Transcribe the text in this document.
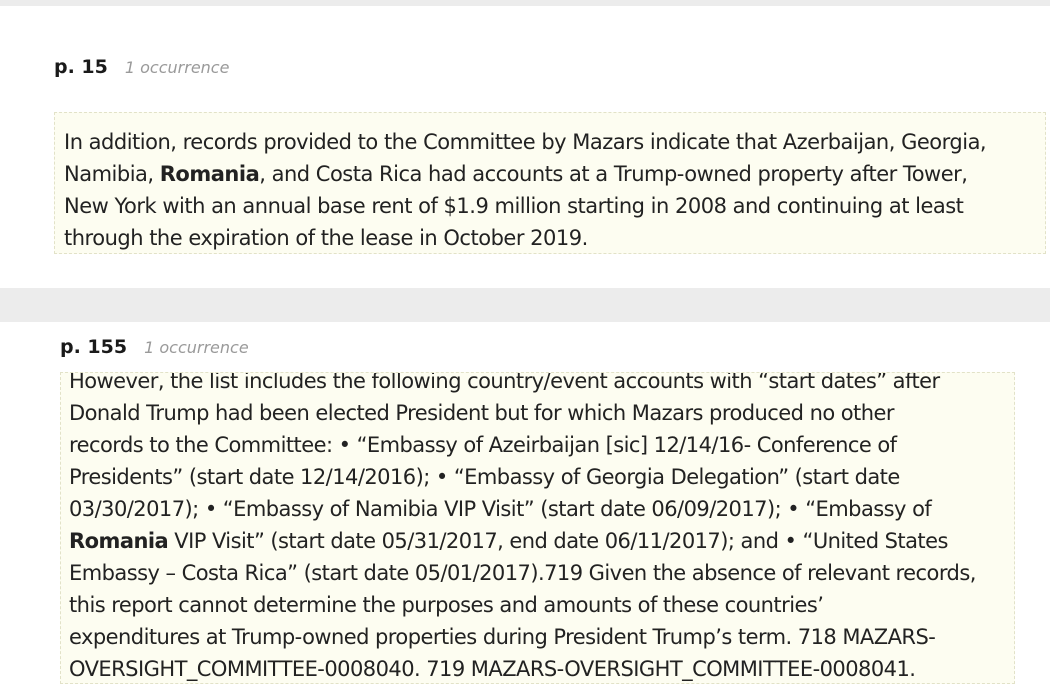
p. 15 1 occurrence
In addition, records provided to the Committee by Mazars indicate that Azerbaijan, Georgia,
Namibia, Romania, and Costa Rica had accounts at a Trump-owned property after Tower,
New York with an annual base rent of $1.9 million starting in 2008 and continuing at least
through the expiration of the lease in October 2019.
p. 155 1 occurrence
However, the list includes the following country/event accounts with “start dates” after
Donald Trump had been elected President but for which Mazars produced no other
records to the Committee: • “Embassy of Azeirbaijan [sic] 12/14/16- Conference of
Presidents” (start date 12/14/2016); • “Embassy of Georgia Delegation” (start date
03/30/2017); • “Embassy of Namibia VIP Visit” (start date 06/09/2017); • “Embassy of
Romania VIP Visit” (start date 05/31/2017, end date 06/11/2017); and • “United States
Embassy – Costa Rica” (start date 05/01/2017).719 Given the absence of relevant records,
this report cannot determine the purposes and amounts of these countries’
expenditures at Trump-owned properties during President Trump’s term. 718 MAZARS-
OVERSIGHT_COMMITTEE-0008040. 719 MAZARS-OVERSIGHT_COMMITTEE-0008041.
